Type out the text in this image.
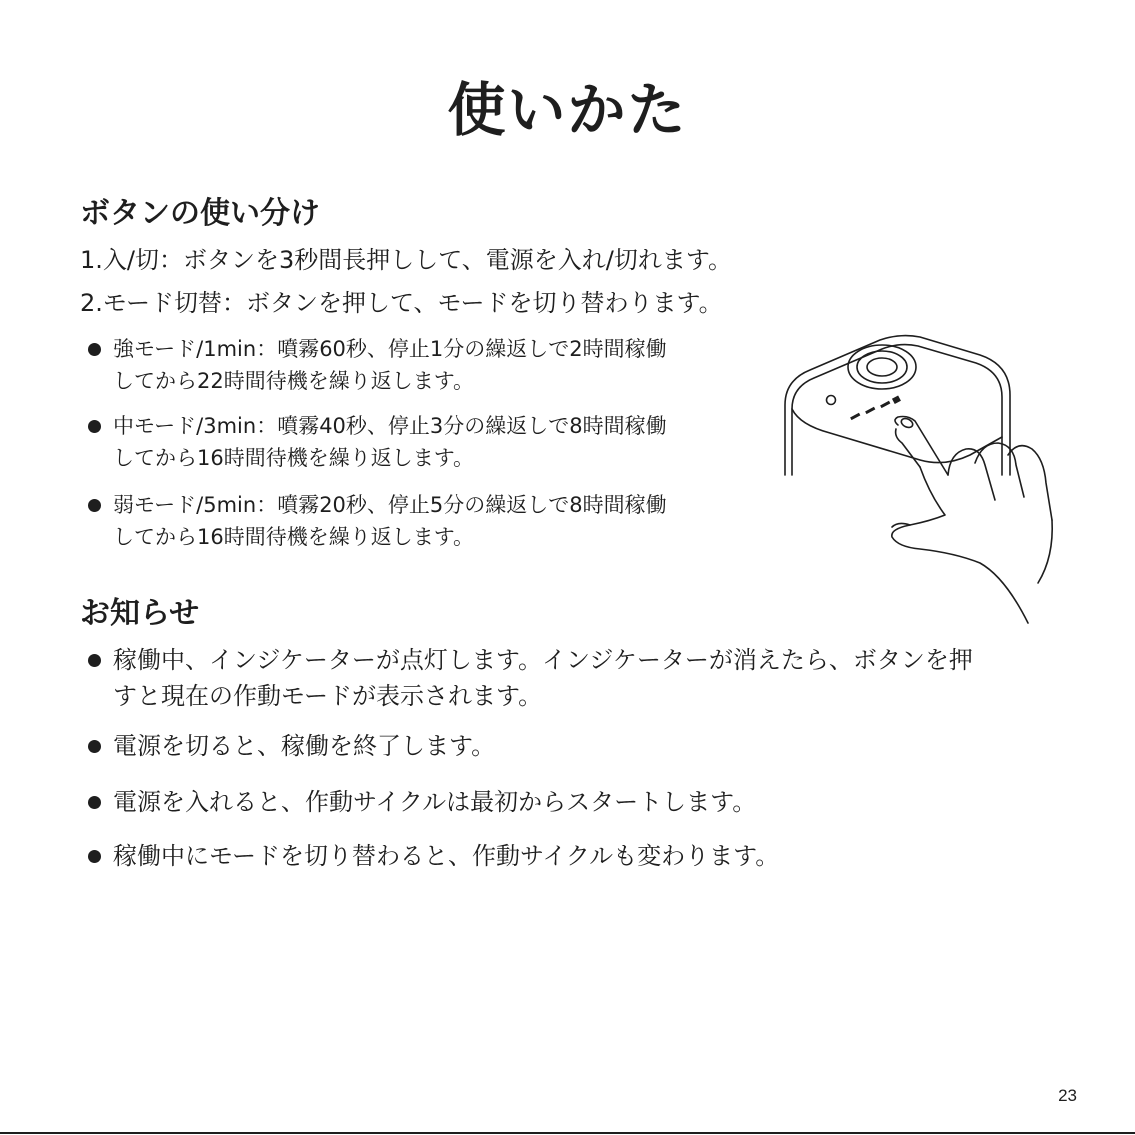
使いかた
ボタンの使い分け

1.入/切：ボタンを3秒間長押しして、電源を入れ/切れます。

2.モード切替：ボタンを押して、モードを切り替わります。

強モード/1min：噴霧60秒、停止1分の繰返しで2時間稼働
してから22時間待機を繰り返します。
中モード/3min：噴霧40秒、停止3分の繰返しで8時間稼働
してから16時間待機を繰り返します。
弱モード/5min：噴霧20秒、停止5分の繰返しで8時間稼働
してから16時間待機を繰り返します。
お知らせ
稼働中、インジケーターが点灯します。インジケーターが消えたら、ボタンを押
すと現在の作動モードが表示されます。
電源を切ると、稼働を終了します。
電源を入れると、作動サイクルは最初からスタートします。
稼働中にモードを切り替わると、作動サイクルも変わります。
23
